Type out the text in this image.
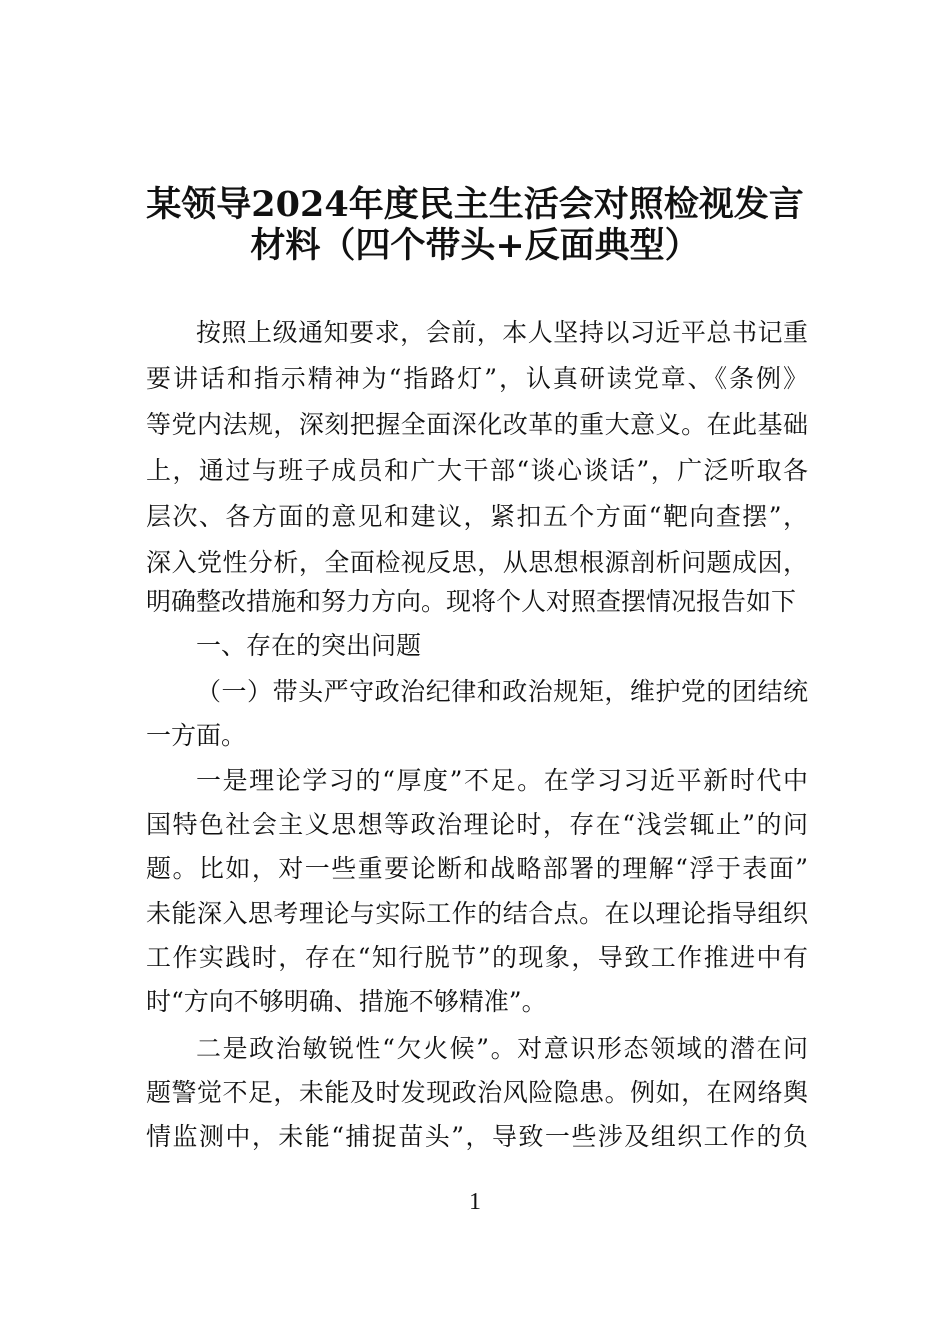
某领导2024年度民主生活会对照检视发言
材料（四个带头+反面典型）
按照上级通知要求，会前，本人坚持以习近平总书记重
要讲话和指示精神为“指路灯”，认真研读党章、《条例》
等党内法规，深刻把握全面深化改革的重大意义。在此基础
上，通过与班子成员和广大干部“谈心谈话”，广泛听取各
层次、各方面的意见和建议，紧扣五个方面“靶向查摆”，
深入党性分析，全面检视反思，从思想根源剖析问题成因，
明确整改措施和努力方向。现将个人对照查摆情况报告如下
一、存在的突出问题
（一）带头严守政治纪律和政治规矩，维护党的团结统
一方面。
一是理论学习的“厚度”不足。在学习习近平新时代中
国特色社会主义思想等政治理论时，存在“浅尝辄止”的问
题。比如，对一些重要论断和战略部署的理解“浮于表面”
未能深入思考理论与实际工作的结合点。在以理论指导组织
工作实践时，存在“知行脱节”的现象，导致工作推进中有
时“方向不够明确、措施不够精准”。
二是政治敏锐性“欠火候”。对意识形态领域的潜在问
题警觉不足，未能及时发现政治风险隐患。例如，在网络舆
情监测中，未能“捕捉苗头”，导致一些涉及组织工作的负
1
